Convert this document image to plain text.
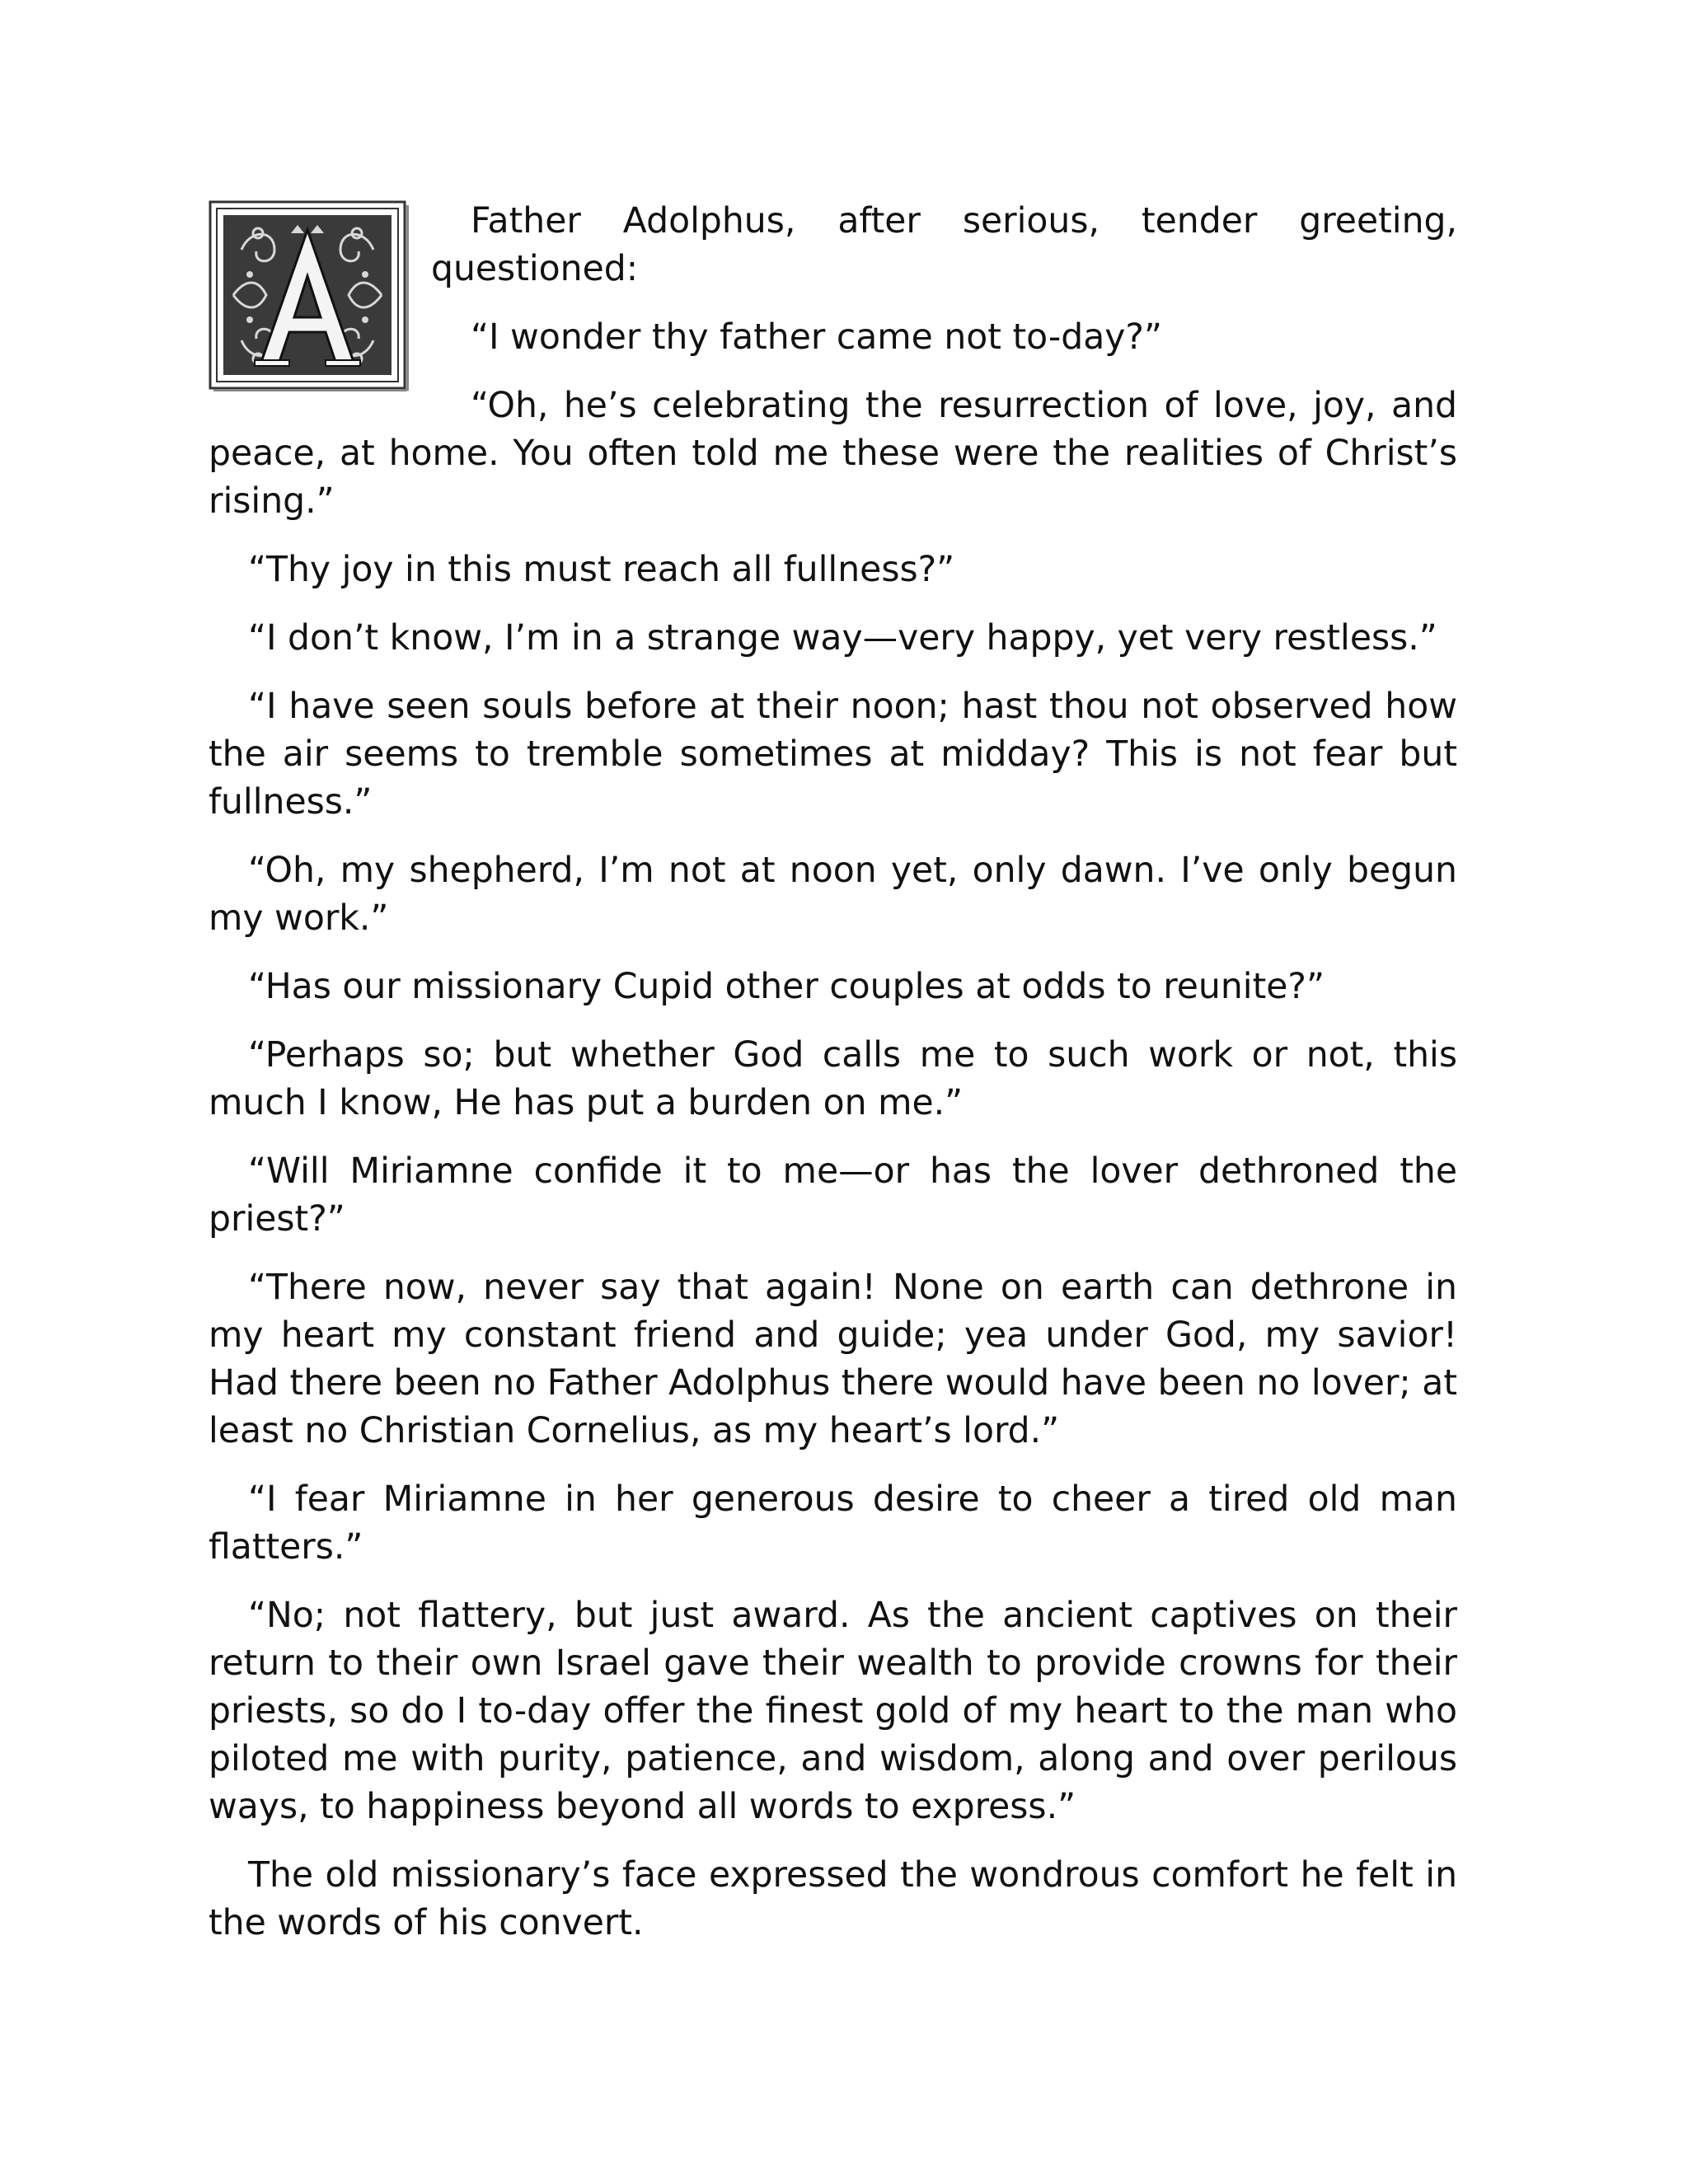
Father Adolphus, after serious, tender greeting, questioned:

“I wonder thy father came not to-day?”

“Oh, he’s celebrating the resurrection of love, joy, and peace, at home. You often told me these were the realities of Christ’s rising.”

“Thy joy in this must reach all fullness?”

“I don’t know, I’m in a strange way—very happy, yet very restless.”

“I have seen souls before at their noon; hast thou not observed how the air seems to tremble sometimes at midday? This is not fear but fullness.”

“Oh, my shepherd, I’m not at noon yet, only dawn. I’ve only begun my work.”

“Has our missionary Cupid other couples at odds to reunite?”

“Perhaps so; but whether God calls me to such work or not, this much I know, He has put a burden on me.”

“Will Miriamne confide it to me—or has the lover dethroned the priest?”

“There now, never say that again! None on earth can dethrone in my heart my constant friend and guide; yea under God, my savior! Had there been no Father Adolphus there would have been no lover; at least no Christian Cornelius, as my heart’s lord.”

“I fear Miriamne in her generous desire to cheer a tired old man flatters.”

“No; not flattery, but just award. As the ancient captives on their return to their own Israel gave their wealth to provide crowns for their priests, so do I to-day offer the finest gold of my heart to the man who piloted me with purity, patience, and wisdom, along and over perilous ways, to happiness beyond all words to express.”

The old missionary’s face expressed the wondrous comfort he felt in the words of his convert.
